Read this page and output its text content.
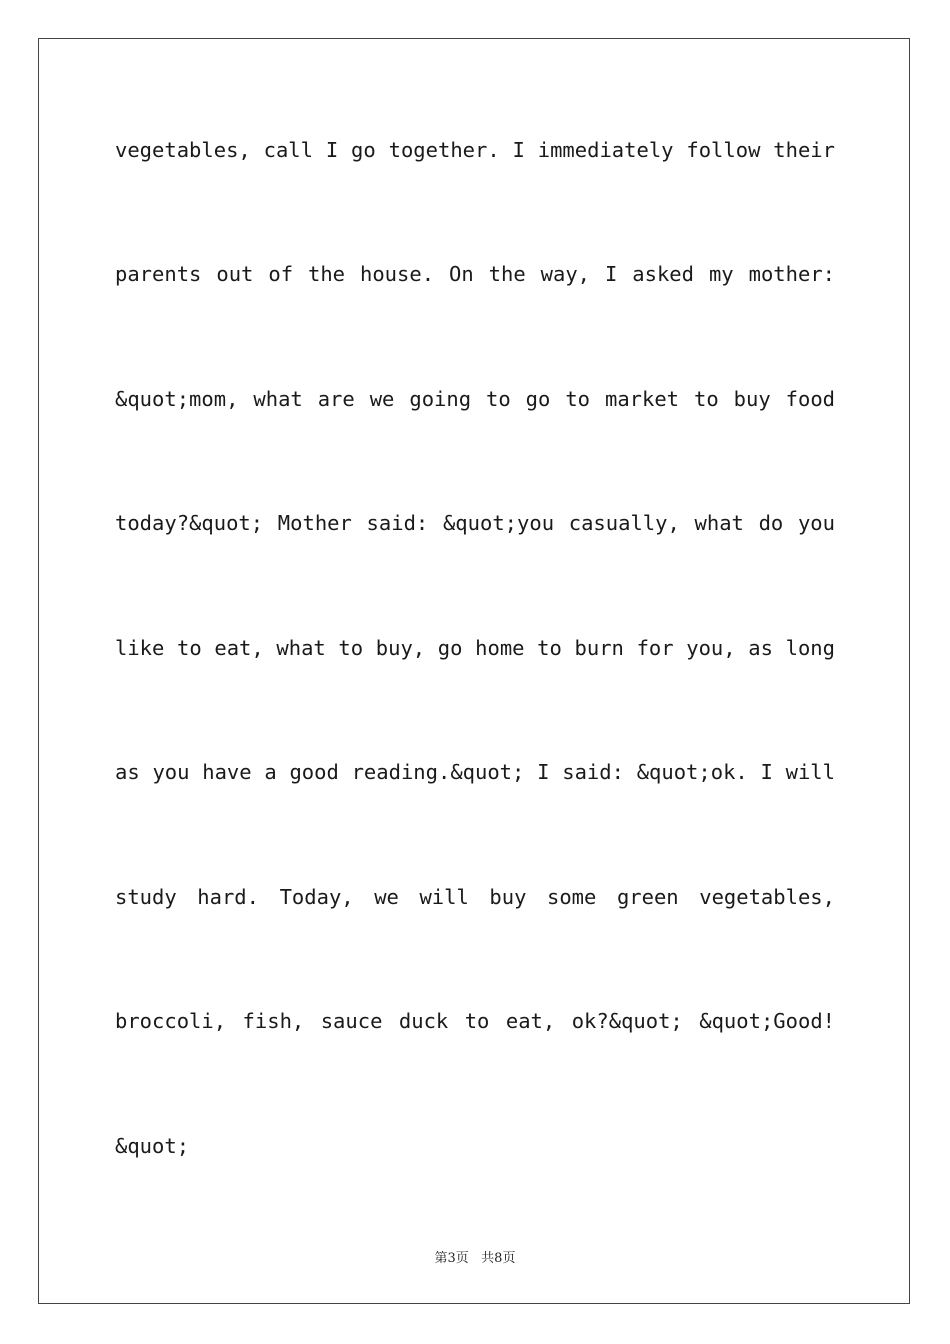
vegetables, call I go together. I immediately follow their
parents out of the house. On the way, I asked my mother:
&quot;mom, what are we going to go to market to buy food
today?&quot; Mother said: &quot;you casually, what do you
like to eat, what to buy, go home to burn for you, as long
as you have a good reading.&quot; I said: &quot;ok. I will
study hard. Today, we will buy some green vegetables,
broccoli, fish, sauce duck to eat, ok?&quot; &quot;Good!
&quot;
第3页   共8页
